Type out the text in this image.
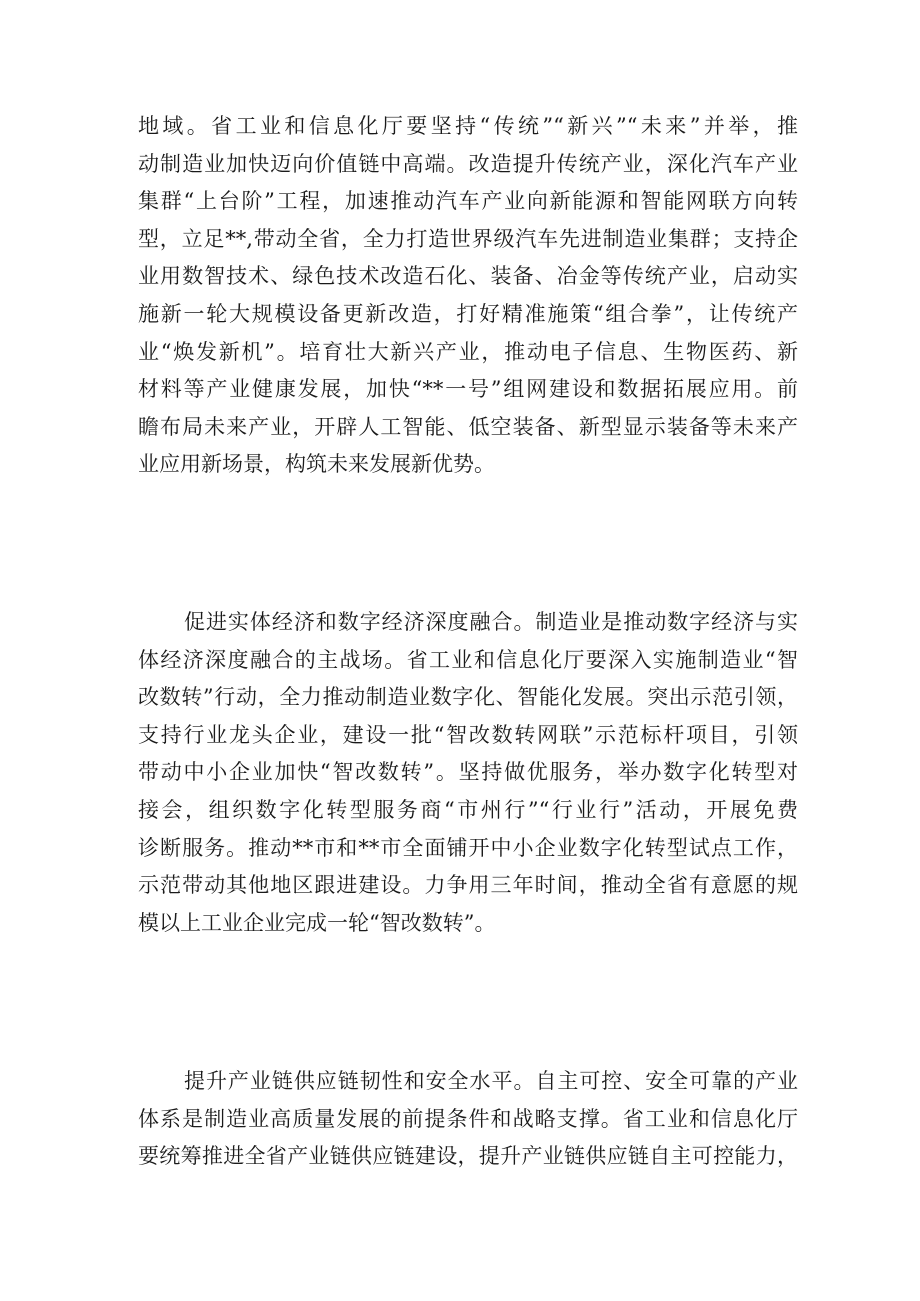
地域。省工业和信息化厅要坚持“传统”“新兴”“未来”并举，推
动制造业加快迈向价值链中高端。改造提升传统产业，深化汽车产业
集群“上台阶”工程，加速推动汽车产业向新能源和智能网联方向转
型，立足**,带动全省，全力打造世界级汽车先进制造业集群；支持企
业用数智技术、绿色技术改造石化、装备、冶金等传统产业，启动实
施新一轮大规模设备更新改造，打好精准施策“组合拳”，让传统产
业“焕发新机”。培育壮大新兴产业，推动电子信息、生物医药、新
材料等产业健康发展，加快“**一号”组网建设和数据拓展应用。前
瞻布局未来产业，开辟人工智能、低空装备、新型显示装备等未来产
业应用新场景，构筑未来发展新优势。
促进实体经济和数字经济深度融合。制造业是推动数字经济与实
体经济深度融合的主战场。省工业和信息化厅要深入实施制造业“智
改数转”行动，全力推动制造业数字化、智能化发展。突出示范引领，
支持行业龙头企业，建设一批“智改数转网联”示范标杆项目，引领
带动中小企业加快“智改数转”。坚持做优服务，举办数字化转型对
接会，组织数字化转型服务商“市州行”“行业行”活动，开展免费
诊断服务。推动**市和**市全面铺开中小企业数字化转型试点工作，
示范带动其他地区跟进建设。力争用三年时间，推动全省有意愿的规
模以上工业企业完成一轮“智改数转”。
提升产业链供应链韧性和安全水平。自主可控、安全可靠的产业
体系是制造业高质量发展的前提条件和战略支撑。省工业和信息化厅
要统筹推进全省产业链供应链建设，提升产业链供应链自主可控能力，
